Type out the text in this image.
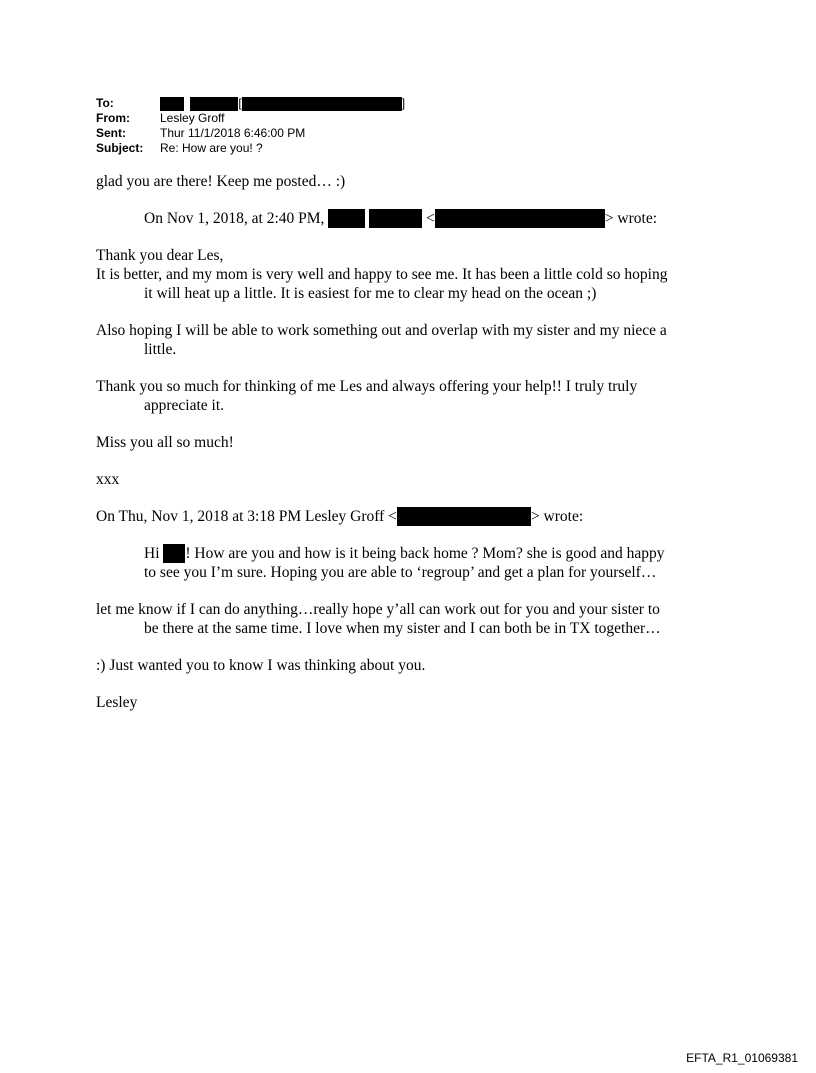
To:	[	]
From:	Lesley Groff
Sent:	Thur 11/1/2018 6:46:00 PM
Subject: Re: How are you! ?

glad you are there! Keep me posted… :)

On Nov 1, 2018, at 2:40 PM,	<	> wrote:

Thank you dear Les,

It is better, and my mom is very well and happy to see me. It has been a little cold so hoping it will heat up a little. It is easiest for me to clear my head on the ocean ;)

Also hoping I will be able to work something out and overlap with my sister and my niece a little.

Thank you so much for thinking of me Les and always offering your help!! I truly truly appreciate it.

Miss you all so much!

xxx

On Thu, Nov 1, 2018 at 3:18 PM Lesley Groff <	> wrote:

Hi ! How are you and how is it being back home ? Mom? she is good and happy to see you I’m sure. Hoping you are able to ‘regroup’ and get a plan for yourself…

let me know if I can do anything…really hope y’all can work out for you and your sister to be there at the same time. I love when my sister and I can both be in TX together…

:) Just wanted you to know I was thinking about you.

Lesley

EFTA_R1_01069381
